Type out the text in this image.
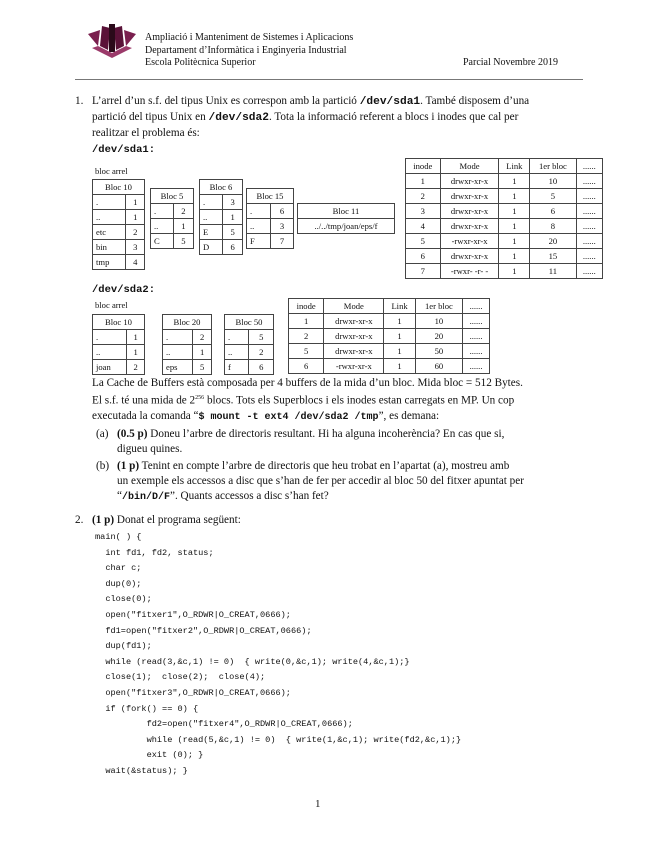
Ampliació i Manteniment de Sistemes i Aplicacions
Departament d’Informàtica i Enginyeria Industrial
Escola Politècnica Superior	Parcial Novembre 2019
1. L’arrel d’un s.f. del tipus Unix es correspon amb la partició /dev/sda1. També disposem d’una
partició del tipus Unix en /dev/sda2. Tota la informació referent a blocs i inodes que cal per
realitzar el problema és:
/dev/sda1:
bloc arrel
Bloc 10	
.	1
..	1
etc	2
bin	3
tmp	4
Bloc 5	
.	2
..	1
C	5
Bloc 6	
.	3
..	1
E	5
D	6
Bloc 15	
.	6
..	3
F	7
Bloc 11
../../tmp/joan/eps/f
inode	Mode	Link	1er bloc	......
1	drwxr-xr-x	1	10	......
2	drwxr-xr-x	1	5	......
3	drwxr-xr-x	1	6	......
4	drwxr-xr-x	1	8	......
5	-rwxr-xr-x	1	20	......
6	drwxr-xr-x	1	15	......
7	-rwxr- -r- -	1	11	......
/dev/sda2:
bloc arrel
Bloc 10	
.	1
..	1
joan	2
Bloc 20	
.	2
..	1
eps	5
Bloc 50	
.	5
..	2
f	6
inode	Mode	Link	1er bloc	......
1	drwxr-xr-x	1	10	......
2	drwxr-xr-x	1	20	......
5	drwxr-xr-x	1	50	......
6	-rwxr-xr-x	1	60	......
La Cache de Buffers està composada per 4 buffers de la mida d’un bloc. Mida bloc = 512 Bytes.
El s.f. té una mida de $2^{256}$ blocs. Tots els Superblocs i els inodes estan carregats en MP. Un cop
executada la comanda “$ mount -t ext4 /dev/sda2 /tmp”, es demana:
(a) (0.5 p) Doneu l’arbre de directoris resultant. Hi ha alguna incoherència? En cas que si,
digueu quines.
(b) (1 p) Tenint en compte l’arbre de directoris que heu trobat en l’apartat (a), mostreu amb
un exemple els accessos a disc que s’han de fer per accedir al bloc 50 del fitxer apuntat per
“/bin/D/F”. Quants accessos a disc s’han fet?
2. (1 p) Donat el programa següent:
main( ) {
int fd1, fd2, status;
char c;
dup(0);
close(0);
open("fitxer1",O_RDWR|O_CREAT,0666);
fd1=open("fitxer2",O_RDWR|O_CREAT,0666);
dup(fd1);
while (read(3,&c,1) != 0)  { write(0,&c,1); write(4,&c,1);}
close(1);  close(2);  close(4);
open("fitxer3",O_RDWR|O_CREAT,0666);
if (fork() == 0) {
fd2=open("fitxer4",O_RDWR|O_CREAT,0666);
while (read(5,&c,1) != 0)  { write(1,&c,1); write(fd2,&c,1);}
exit (0); }
wait(&status); }
1
